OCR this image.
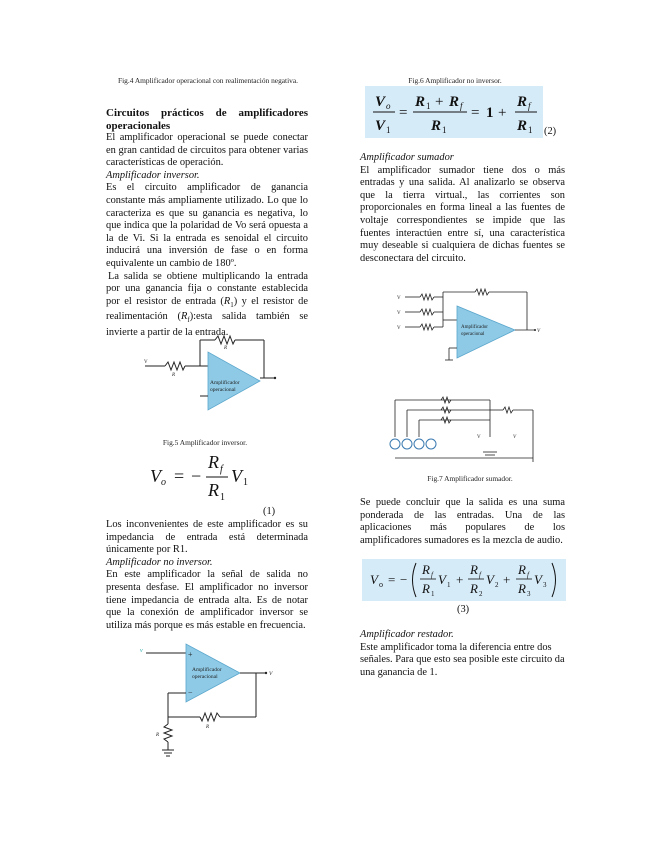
Fig.4 Amplificador operacional con realimentación negativa.

Circuitos prácticos de amplificadores operacionales

El amplificador operacional se puede conectar en gran cantidad de circuitos para obtener varias características de operación.

Amplificador inversor.

Es el circuito amplificador de ganancia constante más ampliamente utilizado. Lo que lo caracteriza es que su ganancia es negativa, lo que indica que la polaridad de Vo será opuesta a la de Vi. Si la entrada es senoidal el circuito inducirá una inversión de fase o en forma equivalente un cambio de 180º.

La salida se obtiene multiplicando la entrada por una ganancia fija o constante establecida por el resistor de entrada $(R_1)$ y el resistor de realimentación $(R_f):esta$ salida también se invierte a partir de la entrada.

Amplificador
operacional
V
R
R
Fig.5 Amplificador inversor.
V o = −
R f
R 1
V 1
(1)

Los inconvenientes de este amplificador es su impedancia de entrada está determinada únicamente por R1.

Amplificador no inversor.

En este amplificador la señal de salida no presenta desfase. El amplificador no inversor tiene impedancia de entrada alta. Es de notar que la conexión de amplificador inversor se utiliza más porque es más estable en frecuencia.

v	+
−
Amplificador
operacional	V
R
R
Fig.6 Amplificador no inversor.
V o
V 1
=
R 1 + R f
R 1
= 1 +
R f
R 1 (2)

Amplificador sumador

El amplificador sumador tiene dos o más entradas y una salida. Al analizarlo se observa que la tierra virtual., las corrientes son proporcionales en forma lineal a las fuentes de voltaje correspondientes se impide que las fuentes interactúen entre sí, una característica muy deseable si cualquiera de dichas fuentes se desconectara del circuito.

Amplificador
operacional
V
V
V
V
V	V
Fig.7 Amplificador sumador.

Se puede concluir que la salida es una suma ponderada de las entradas. Una de las aplicaciones más populares de los amplificadores sumadores es la mezcla de audio.

V o = −
R f
R 1
V 1 +
R f
R 2
V 2 +
R f
R 3
V 3
(3)

Amplificador restador.

Este amplificador toma la diferencia entre dos señales. Para que esto sea posible este circuito da una ganancia de 1.
